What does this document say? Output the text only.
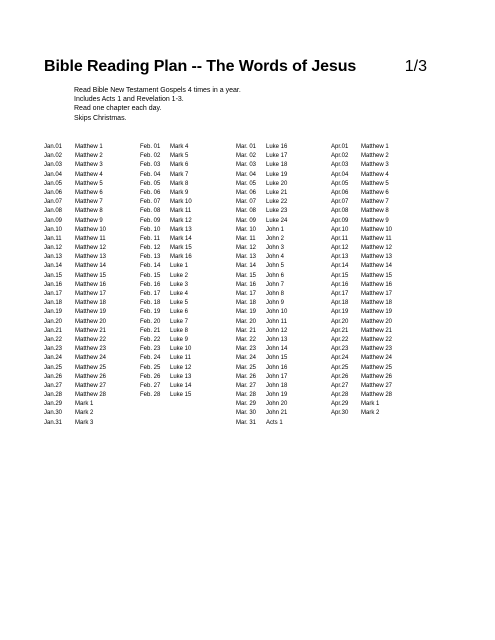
Bible Reading Plan -- The Words of Jesus	1/3
Read Bible New Testament Gospels 4 times in a year.
Includes Acts 1 and Revelation 1-3.
Read one chapter each day.
Skips Christmas.
Jan.01	Matthew 1
Jan.02	Matthew 2
Jan.03	Matthew 3
Jan.04	Matthew 4
Jan.05	Matthew 5
Jan.06	Matthew 6
Jan.07	Matthew 7
Jan.08	Matthew 8
Jan.09	Matthew 9
Jan.10	Matthew 10
Jan.11	Matthew 11
Jan.12	Matthew 12
Jan.13	Matthew 13
Jan.14	Matthew 14
Jan.15	Matthew 15
Jan.16	Matthew 16
Jan.17	Matthew 17
Jan.18	Matthew 18
Jan.19	Matthew 19
Jan.20	Matthew 20
Jan.21	Matthew 21
Jan.22	Matthew 22
Jan.23	Matthew 23
Jan.24	Matthew 24
Jan.25	Matthew 25
Jan.26	Matthew 26
Jan.27	Matthew 27
Jan.28	Matthew 28
Jan.29	Mark 1
Jan.30	Mark 2
Jan.31	Mark 3
Feb. 01	Mark 4
Feb. 02	Mark 5
Feb. 03	Mark 6
Feb. 04	Mark 7
Feb. 05	Mark 8
Feb. 06	Mark 9
Feb. 07	Mark 10
Feb. 08	Mark 11
Feb. 09	Mark 12
Feb. 10	Mark 13
Feb. 11	Mark 14
Feb. 12	Mark 15
Feb. 13	Mark 16
Feb. 14	Luke 1
Feb. 15	Luke 2
Feb. 16	Luke 3
Feb. 17	Luke 4
Feb. 18	Luke 5
Feb. 19	Luke 6
Feb. 20	Luke 7
Feb. 21	Luke 8
Feb. 22	Luke 9
Feb. 23	Luke 10
Feb. 24	Luke 11
Feb. 25	Luke 12
Feb. 26	Luke 13
Feb. 27	Luke 14
Feb. 28	Luke 15
Mar. 01	Luke 16
Mar. 02	Luke 17
Mar. 03	Luke 18
Mar. 04	Luke 19
Mar. 05	Luke 20
Mar. 06	Luke 21
Mar. 07	Luke 22
Mar. 08	Luke 23
Mar. 09	Luke 24
Mar. 10	John 1
Mar. 11	John 2
Mar. 12	John 3
Mar. 13	John 4
Mar. 14	John 5
Mar. 15	John 6
Mar. 16	John 7
Mar. 17	John 8
Mar. 18	John 9
Mar. 19	John 10
Mar. 20	John 11
Mar. 21	John 12
Mar. 22	John 13
Mar. 23	John 14
Mar. 24	John 15
Mar. 25	John 16
Mar. 26	John 17
Mar. 27	John 18
Mar. 28	John 19
Mar. 29	John 20
Mar. 30	John 21
Mar. 31	Acts 1
Apr.01	Matthew 1
Apr.02	Matthew 2
Apr.03	Matthew 3
Apr.04	Matthew 4
Apr.05	Matthew 5
Apr.06	Matthew 6
Apr.07	Matthew 7
Apr.08	Matthew 8
Apr.09	Matthew 9
Apr.10	Matthew 10
Apr.11	Matthew 11
Apr.12	Matthew 12
Apr.13	Matthew 13
Apr.14	Matthew 14
Apr.15	Matthew 15
Apr.16	Matthew 16
Apr.17	Matthew 17
Apr.18	Matthew 18
Apr.19	Matthew 19
Apr.20	Matthew 20
Apr.21	Matthew 21
Apr.22	Matthew 22
Apr.23	Matthew 23
Apr.24	Matthew 24
Apr.25	Matthew 25
Apr.26	Matthew 26
Apr.27	Matthew 27
Apr.28	Matthew 28
Apr.29	Mark 1
Apr.30	Mark 2
